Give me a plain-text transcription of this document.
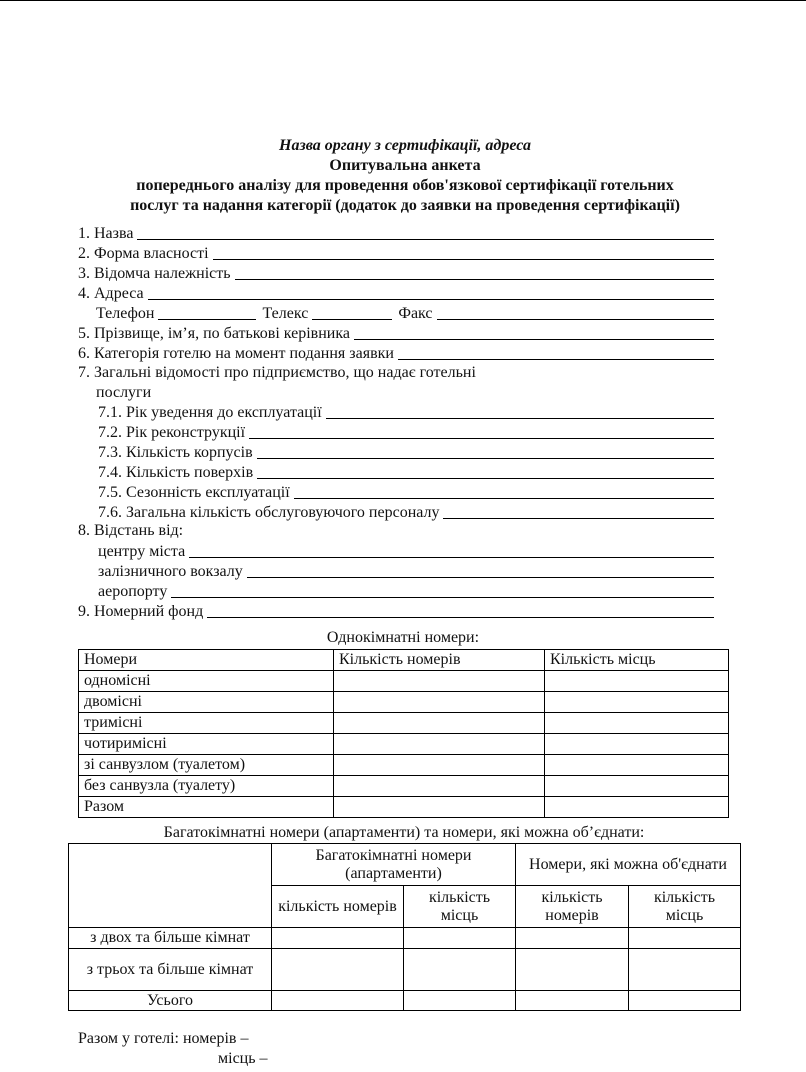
Назва органу з сертифікації, адреса
Опитувальна анкета
попереднього аналізу для проведення обов'язкової сертифікації готельних
послуг та надання категорії (додаток до заявки на проведення сертифікації)
1. Назва
2. Форма власності
3. Відомча належність
4. Адреса
Телефон	Телекс	Факс
5. Прізвище, ім’я, по батькові керівника
6. Категорія готелю на момент подання заявки
7. Загальні відомості про підприємство, що надає готельні
послуги
7.1. Рік уведення до експлуатації
7.2. Рік реконструкції
7.3. Кількість корпусів
7.4. Кількість поверхів
7.5. Сезонність експлуатації
7.6. Загальна кількість обслуговуючого персоналу
8. Відстань від:
центру міста
залізничного вокзалу
аеропорту
9. Номерний фонд
Однокімнатні номери:
Номери	Кількість номерів	Кількість місць
одномісні		
двомісні		
тримісні		
чотиримісні		
зі санвузлом (туалетом)		
без санвузла (туалету)		
Разом		
Багатокімнатні номери (апартаменти) та номери, які можна об’єднати:
	Багатокімнатні номери (апартаменти)		Номери, які можна об'єднати	
	кількість номерів	кількість місць	кількість номерів	кількість місць
з двох та більше кімнат				
з трьох та більше кімнат				
Усього				
Разом у готелі: номерів –
місць –
